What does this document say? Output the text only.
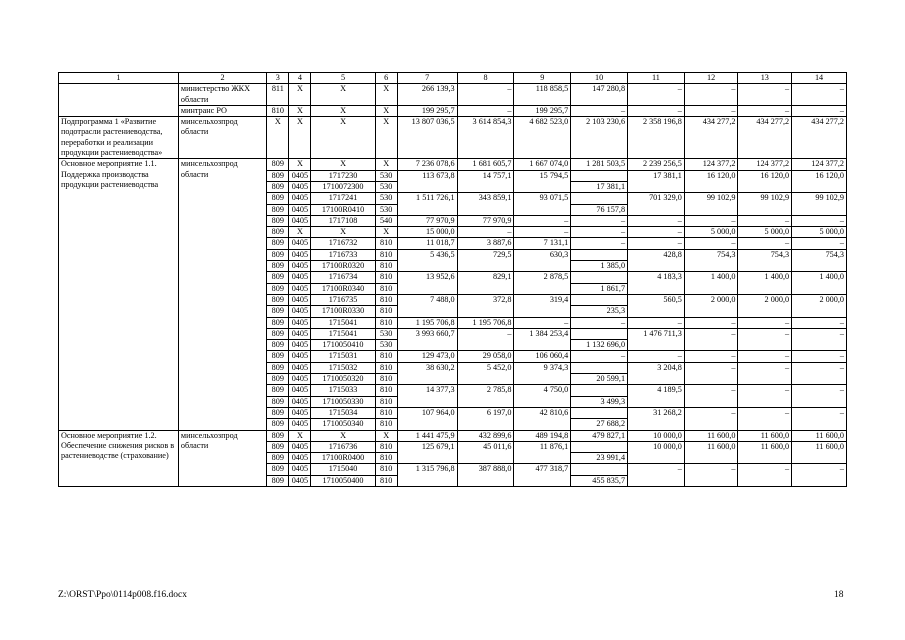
1	2	3	4	5	6	7	8	9	10	11	12	13	14
	министерство ЖКХ области	811	X	X	X	266 139,3	–	118 858,5	147 280,8	–	–	–	–
	минтранс РО	810	X	X	X	199 295,7	–	199 295,7	–	–	–	–	–
Подпрограмма 1 «Развитие подотрасли растениеводства, переработки и реализации продукции растениеводства»	минсельхозпрод области	X	X	X	X	13 807 036,5	3 614 854,3	4 682 523,0	2 103 230,6	2 358 196,8	434 277,2	434 277,2	434 277,2
Основное мероприятие 1.1. Поддержка производства продукции растениеводства	минсельхозпрод области	809	X	X	X	7 236 078,6	1 681 605,7	1 667 074,0	1 281 503,5	2 239 256,5	124 377,2	124 377,2	124 377,2
		809	0405	1717230	530	113 673,8	14 757,1	15 794,5		17 381,1	16 120,0	16 120,0	16 120,0
		809	0405	1710072300	530				17 381,1				
		809	0405	1717241	530	1 511 726,1	343 859,1	93 071,5		701 329,0	99 102,9	99 102,9	99 102,9
		809	0405	17100R0410	530				76 157,8				
		809	0405	1717108	540	77 970,9	77 970,9	–	–	–	–	–	–
		809	X	X	X	15 000,0	–	–	–	–	5 000,0	5 000,0	5 000,0
		809	0405	1716732	810	11 018,7	3 887,6	7 131,1	–	–	–	–	–
		809	0405	1716733	810	5 436,5	729,5	630,3		428,8	754,3	754,3	754,3
		809	0405	17100R0320	810				1 385,0				
		809	0405	1716734	810	13 952,6	829,1	2 878,5		4 183,3	1 400,0	1 400,0	1 400,0
		809	0405	17100R0340	810				1 861,7				
		809	0405	1716735	810	7 488,0	372,8	319,4		560,5	2 000,0	2 000,0	2 000,0
		809	0405	17100R0330	810				235,3				
		809	0405	1715041	810	1 195 706,8	1 195 706,8	–	–	–	–	–	–
		809	0405	1715041	530	3 993 660,7	–	1 384 253,4		1 476 711,3	–	–	–
		809	0405	1710050410	530				1 132 696,0				
		809	0405	1715031	810	129 473,0	29 058,0	106 060,4	–	–	–	–	–
		809	0405	1715032	810	38 630,2	5 452,0	9 374,3		3 204,8	–	–	–
		809	0405	1710050320	810				20 599,1				
		809	0405	1715033	810	14 377,3	2 785,8	4 750,0		4 189,5	–	–	–
		809	0405	1710050330	810				3 499,3				
		809	0405	1715034	810	107 964,0	6 197,0	42 810,6		31 268,2	–	–	–
		809	0405	1710050340	810				27 688,2				
Основное мероприятие 1.2. Обеспечение снижения рисков в растениеводстве (страхование)	минсельхозпрод области	809	X	X	X	1 441 475,9	432 899,6	489 194,8	479 827,1	10 000,0	11 600,0	11 600,0	11 600,0
		809	0405	1716736	810	125 679,1	45 011,6	11 876,1		10 000,0	11 600,0	11 600,0	11 600,0
		809	0405	17100R0400	810				23 991,4				
		809	0405	1715040	810	1 315 796,8	387 888,0	477 318,7		–	–	–	–
		809	0405	1710050400	810				455 835,7				
Z:\ORST\Ppo\0114p008.f16.docx	18
